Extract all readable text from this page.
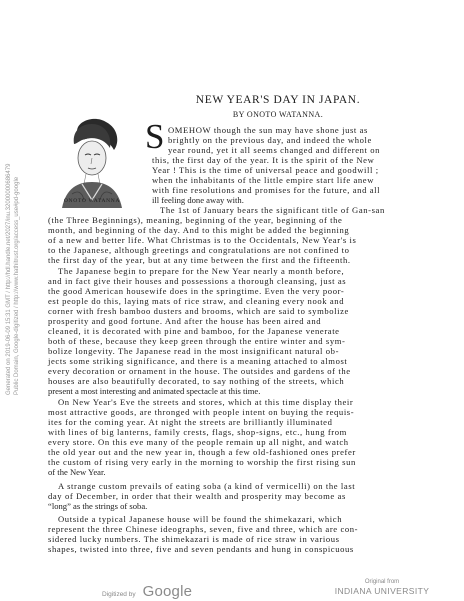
NEW YEAR'S DAY IN JAPAN.
BY ONOTO WATANNA.
ONOTO WATANNA
S OMEHOW though the sun may have shone just as
brightly on the previous day, and indeed the whole
year round, yet it all seems changed and different on
this, the first day of the year. It is the spirit of the New
Year ! This is the time of universal peace and goodwill ;
when the inhabitants of the little empire start life anew
with fine resolutions and promises for the future, and all
ill feeling done away with.
The 1st of January bears the significant title of Gan-san
(the Three Beginnings), meaning, beginning of the year, beginning of the
month, and beginning of the day. And to this might be added the beginning
of a new and better life. What Christmas is to the Occidentals, New Year's is
to the Japanese, although greetings and congratulations are not confined to
the first day of the year, but at any time between the first and the fifteenth.
The Japanese begin to prepare for the New Year nearly a month before,
and in fact give their houses and possessions a thorough cleansing, just as
the good American housewife does in the springtime. Even the very poor-
est people do this, laying mats of rice straw, and cleaning every nook and
corner with fresh bamboo dusters and brooms, which are said to symbolize
prosperity and good fortune. And after the house has been aired and
cleaned, it is decorated with pine and bamboo, for the Japanese venerate
both of these, because they keep green through the entire winter and sym-
bolize longevity. The Japanese read in the most insignificant natural ob-
jects some striking significance, and there is a meaning attached to almost
every decoration or ornament in the house. The outsides and gardens of the
houses are also beautifully decorated, to say nothing of the streets, which
present a most interesting and animated spectacle at this time.
On New Year's Eve the streets and stores, which at this time display their
most attractive goods, are thronged with people intent on buying the requis-
ites for the coming year. At night the streets are brilliantly illuminated
with lines of big lanterns, family crests, flags, shop-signs, etc., hung from
every store. On this eve many of the people remain up all night, and watch
the old year out and the new year in, though a few old-fashioned ones prefer
the custom of rising very early in the morning to worship the first rising sun
of the New Year.
A strange custom prevails of eating soba (a kind of vermicelli) on the last
day of December, in order that their wealth and prosperity may become as
“long” as the strings of soba.
Outside a typical Japanese house will be found the shimekazari, which
represent the three Chinese ideographs, seven, five and three, which are con-
sidered lucky numbers. The shimekazari is made of rice straw in various
shapes, twisted into three, five and seven pendants and hung in conspicuous
Generated on 2019-06-09 15:31 GMT / http://hdl.handle.net/2027/inu.32000000686479 Public Domain, Google-digitized / http://www.hathitrust.org/access_use#pd-google
Digitized by Google
Original from
INDIANA UNIVERSITY
